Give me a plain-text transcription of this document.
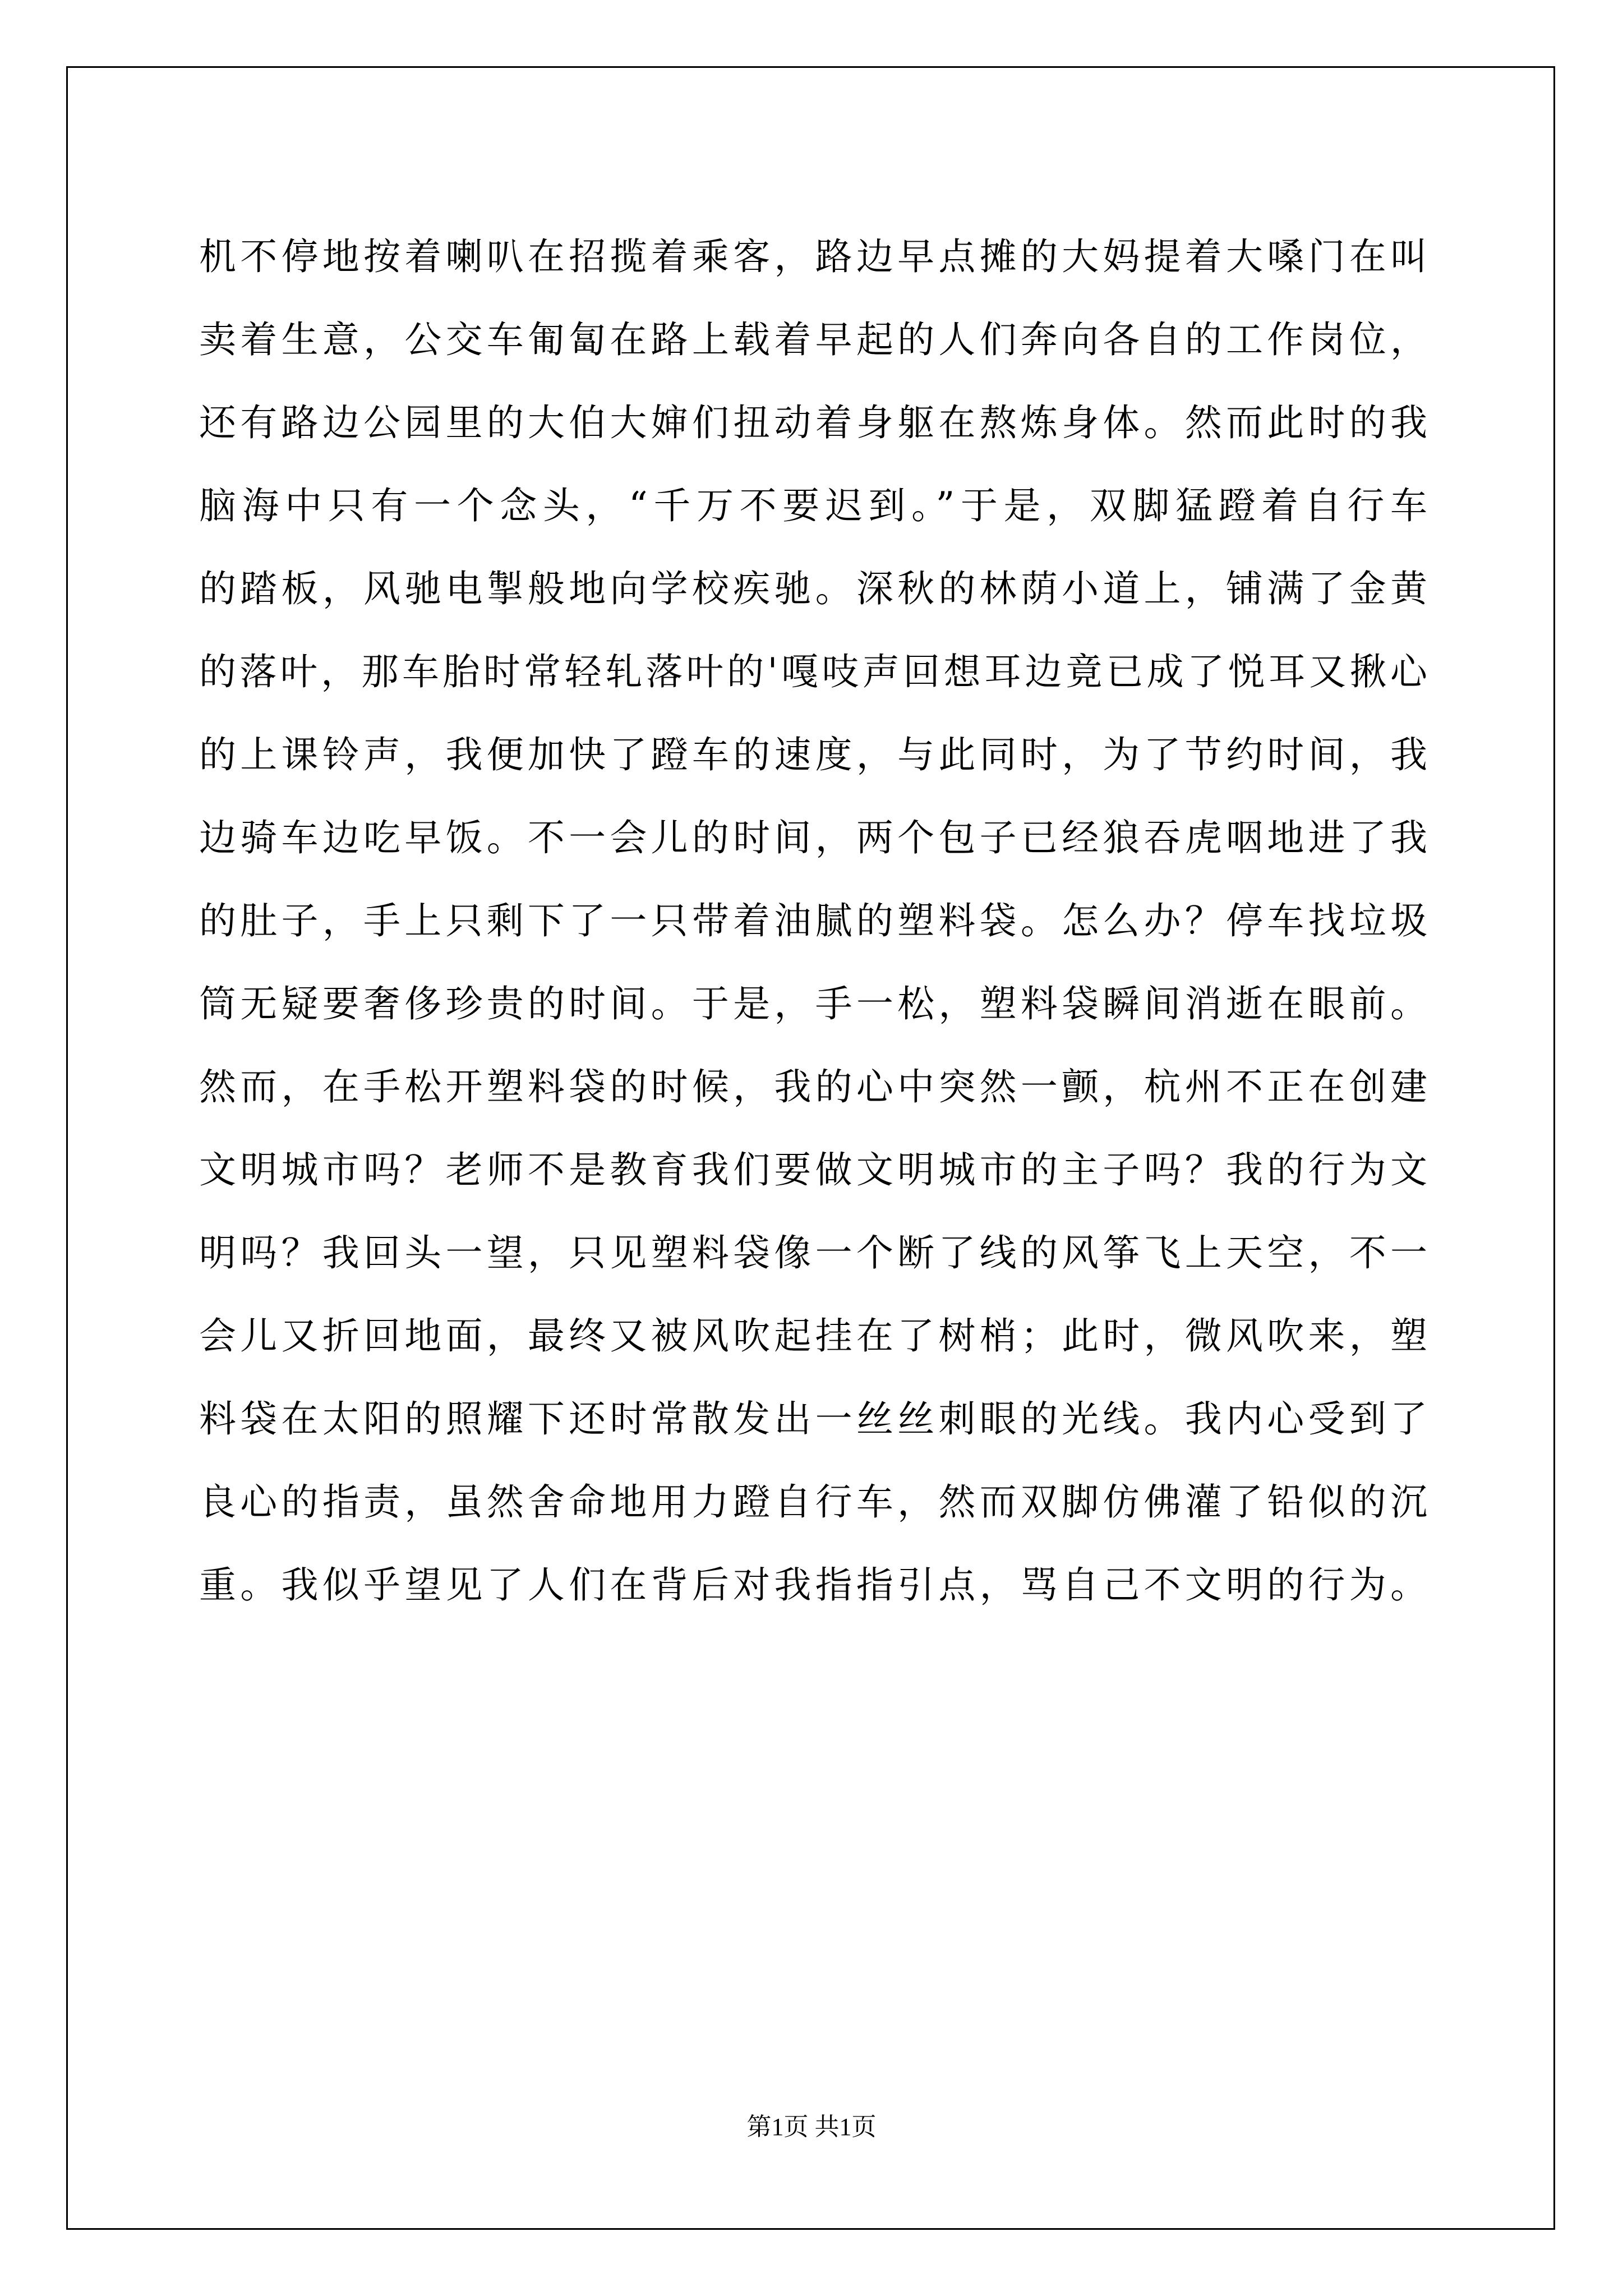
机不停地按着喇叭在招揽着乘客，路边早点摊的大妈提着大嗓门在叫
卖着生意，公交车匍匐在路上载着早起的人们奔向各自的工作岗位，
还有路边公园里的大伯大婶们扭动着身躯在熬炼身体。然而此时的我
脑海中只有一个念头，“千万不要迟到。”于是，双脚猛蹬着自行车
的踏板，风驰电掣般地向学校疾驰。深秋的林荫小道上，铺满了金黄
的落叶，那车胎时常轻轧落叶的'嘎吱声回想耳边竟已成了悦耳又揪心
的上课铃声，我便加快了蹬车的速度，与此同时，为了节约时间，我
边骑车边吃早饭。不一会儿的时间，两个包子已经狼吞虎咽地进了我
的肚子，手上只剩下了一只带着油腻的塑料袋。怎么办？停车找垃圾
筒无疑要奢侈珍贵的时间。于是，手一松，塑料袋瞬间消逝在眼前。
然而，在手松开塑料袋的时候，我的心中突然一颤，杭州不正在创建
文明城市吗？老师不是教育我们要做文明城市的主子吗？我的行为文
明吗？我回头一望，只见塑料袋像一个断了线的风筝飞上天空，不一
会儿又折回地面，最终又被风吹起挂在了树梢；此时，微风吹来，塑
料袋在太阳的照耀下还时常散发出一丝丝刺眼的光线。我内心受到了
良心的指责，虽然舍命地用力蹬自行车，然而双脚仿佛灌了铅似的沉
重。我似乎望见了人们在背后对我指指引点，骂自己不文明的行为。
第1页 共1页
